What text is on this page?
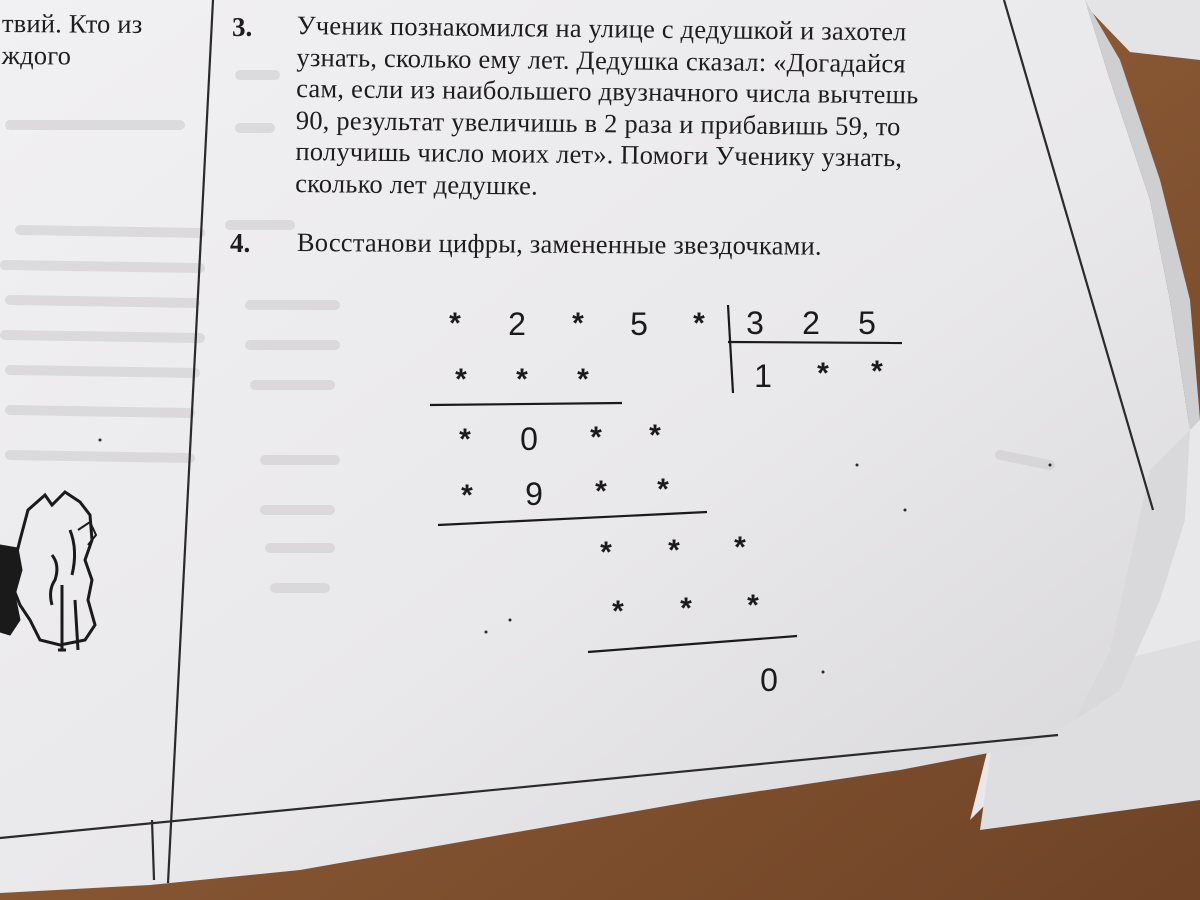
твий. Кто из
ждого
3. Ученик познакомился на улице с дедушкой и захотел
узнать, сколько ему лет. Дедушка сказал: «Догадайся
сам, если из наибольшего двузначного числа вычтешь
90, результат увеличишь в 2 раза и прибавишь 59, то
получишь число моих лет». Помоги Ученику узнать,
сколько лет дедушке.
4. Восстанови цифры, замененные звездочками.
* 2	* 5	* 3 2 5
1	*	*
*	*	*
* 0	*	*
* 9	*	*
*	*	*
*	*	*
0
